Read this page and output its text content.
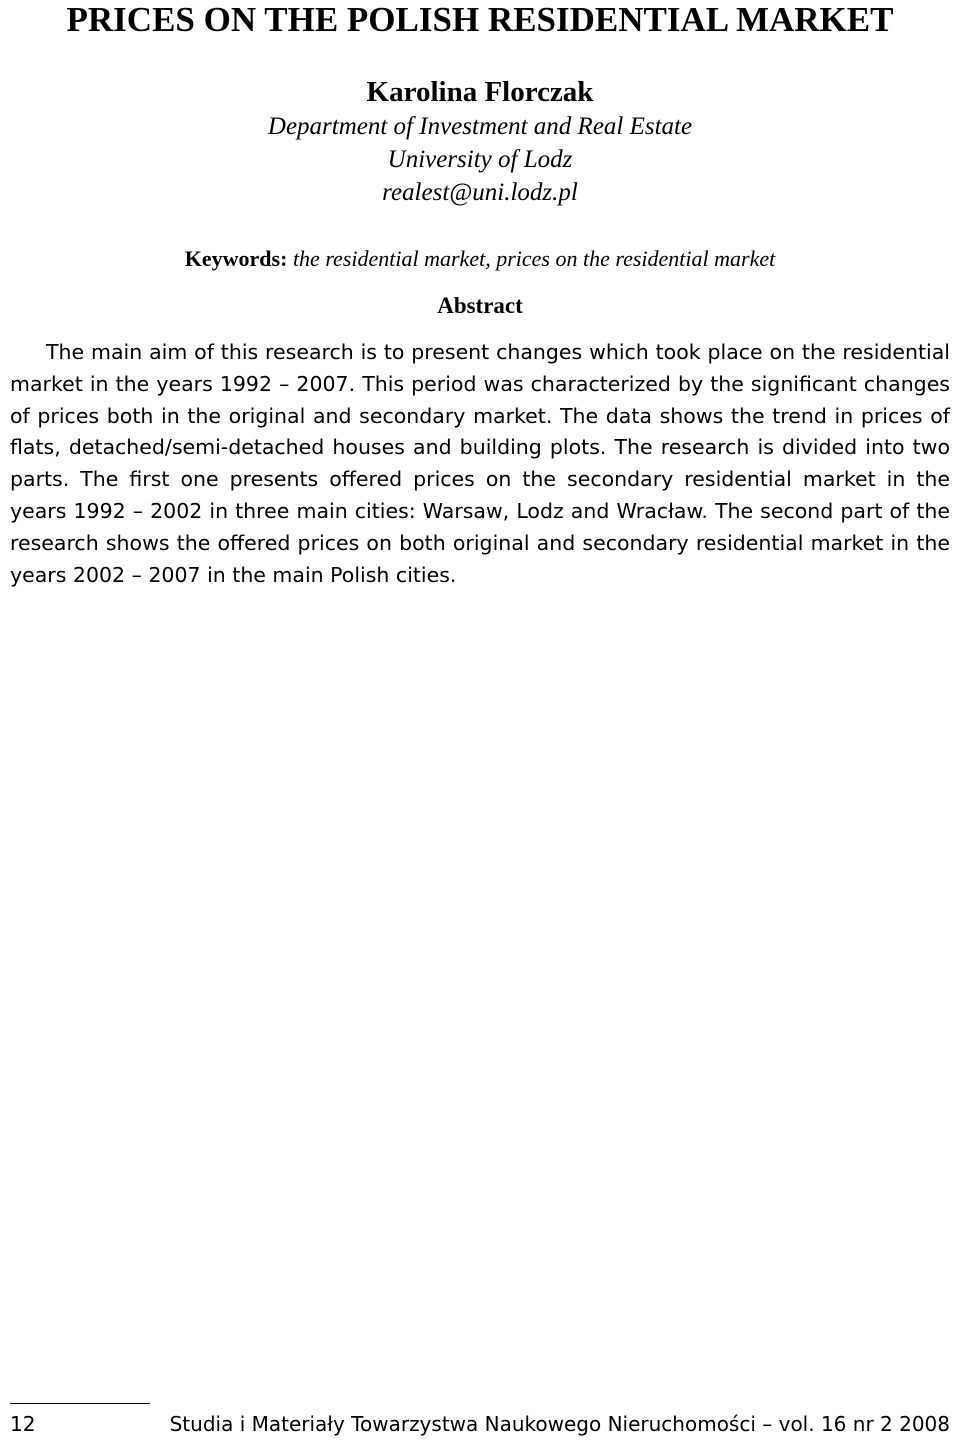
PRICES ON THE POLISH RESIDENTIAL MARKET
Karolina Florczak
Department of Investment and Real Estate
University of Lodz
realest@uni.lodz.pl
Keywords: the residential market, prices on the residential market
Abstract

The main aim of this research is to present changes which took place on the residential market in the years 1992 – 2007. This period was characterized by the significant changes of prices both in the original and secondary market. The data shows the trend in prices of flats, detached/semi-detached houses and building plots. The research is divided into two parts. The first one presents offered prices on the secondary residential market in the years 1992 – 2002 in three main cities: Warsaw, Lodz and Wracław. The second part of the research shows the offered prices on both original and secondary residential market in the years 2002 – 2007 in the main Polish cities.

12	Studia i Materiały Towarzystwa Naukowego Nieruchomości – vol. 16 nr 2 2008
